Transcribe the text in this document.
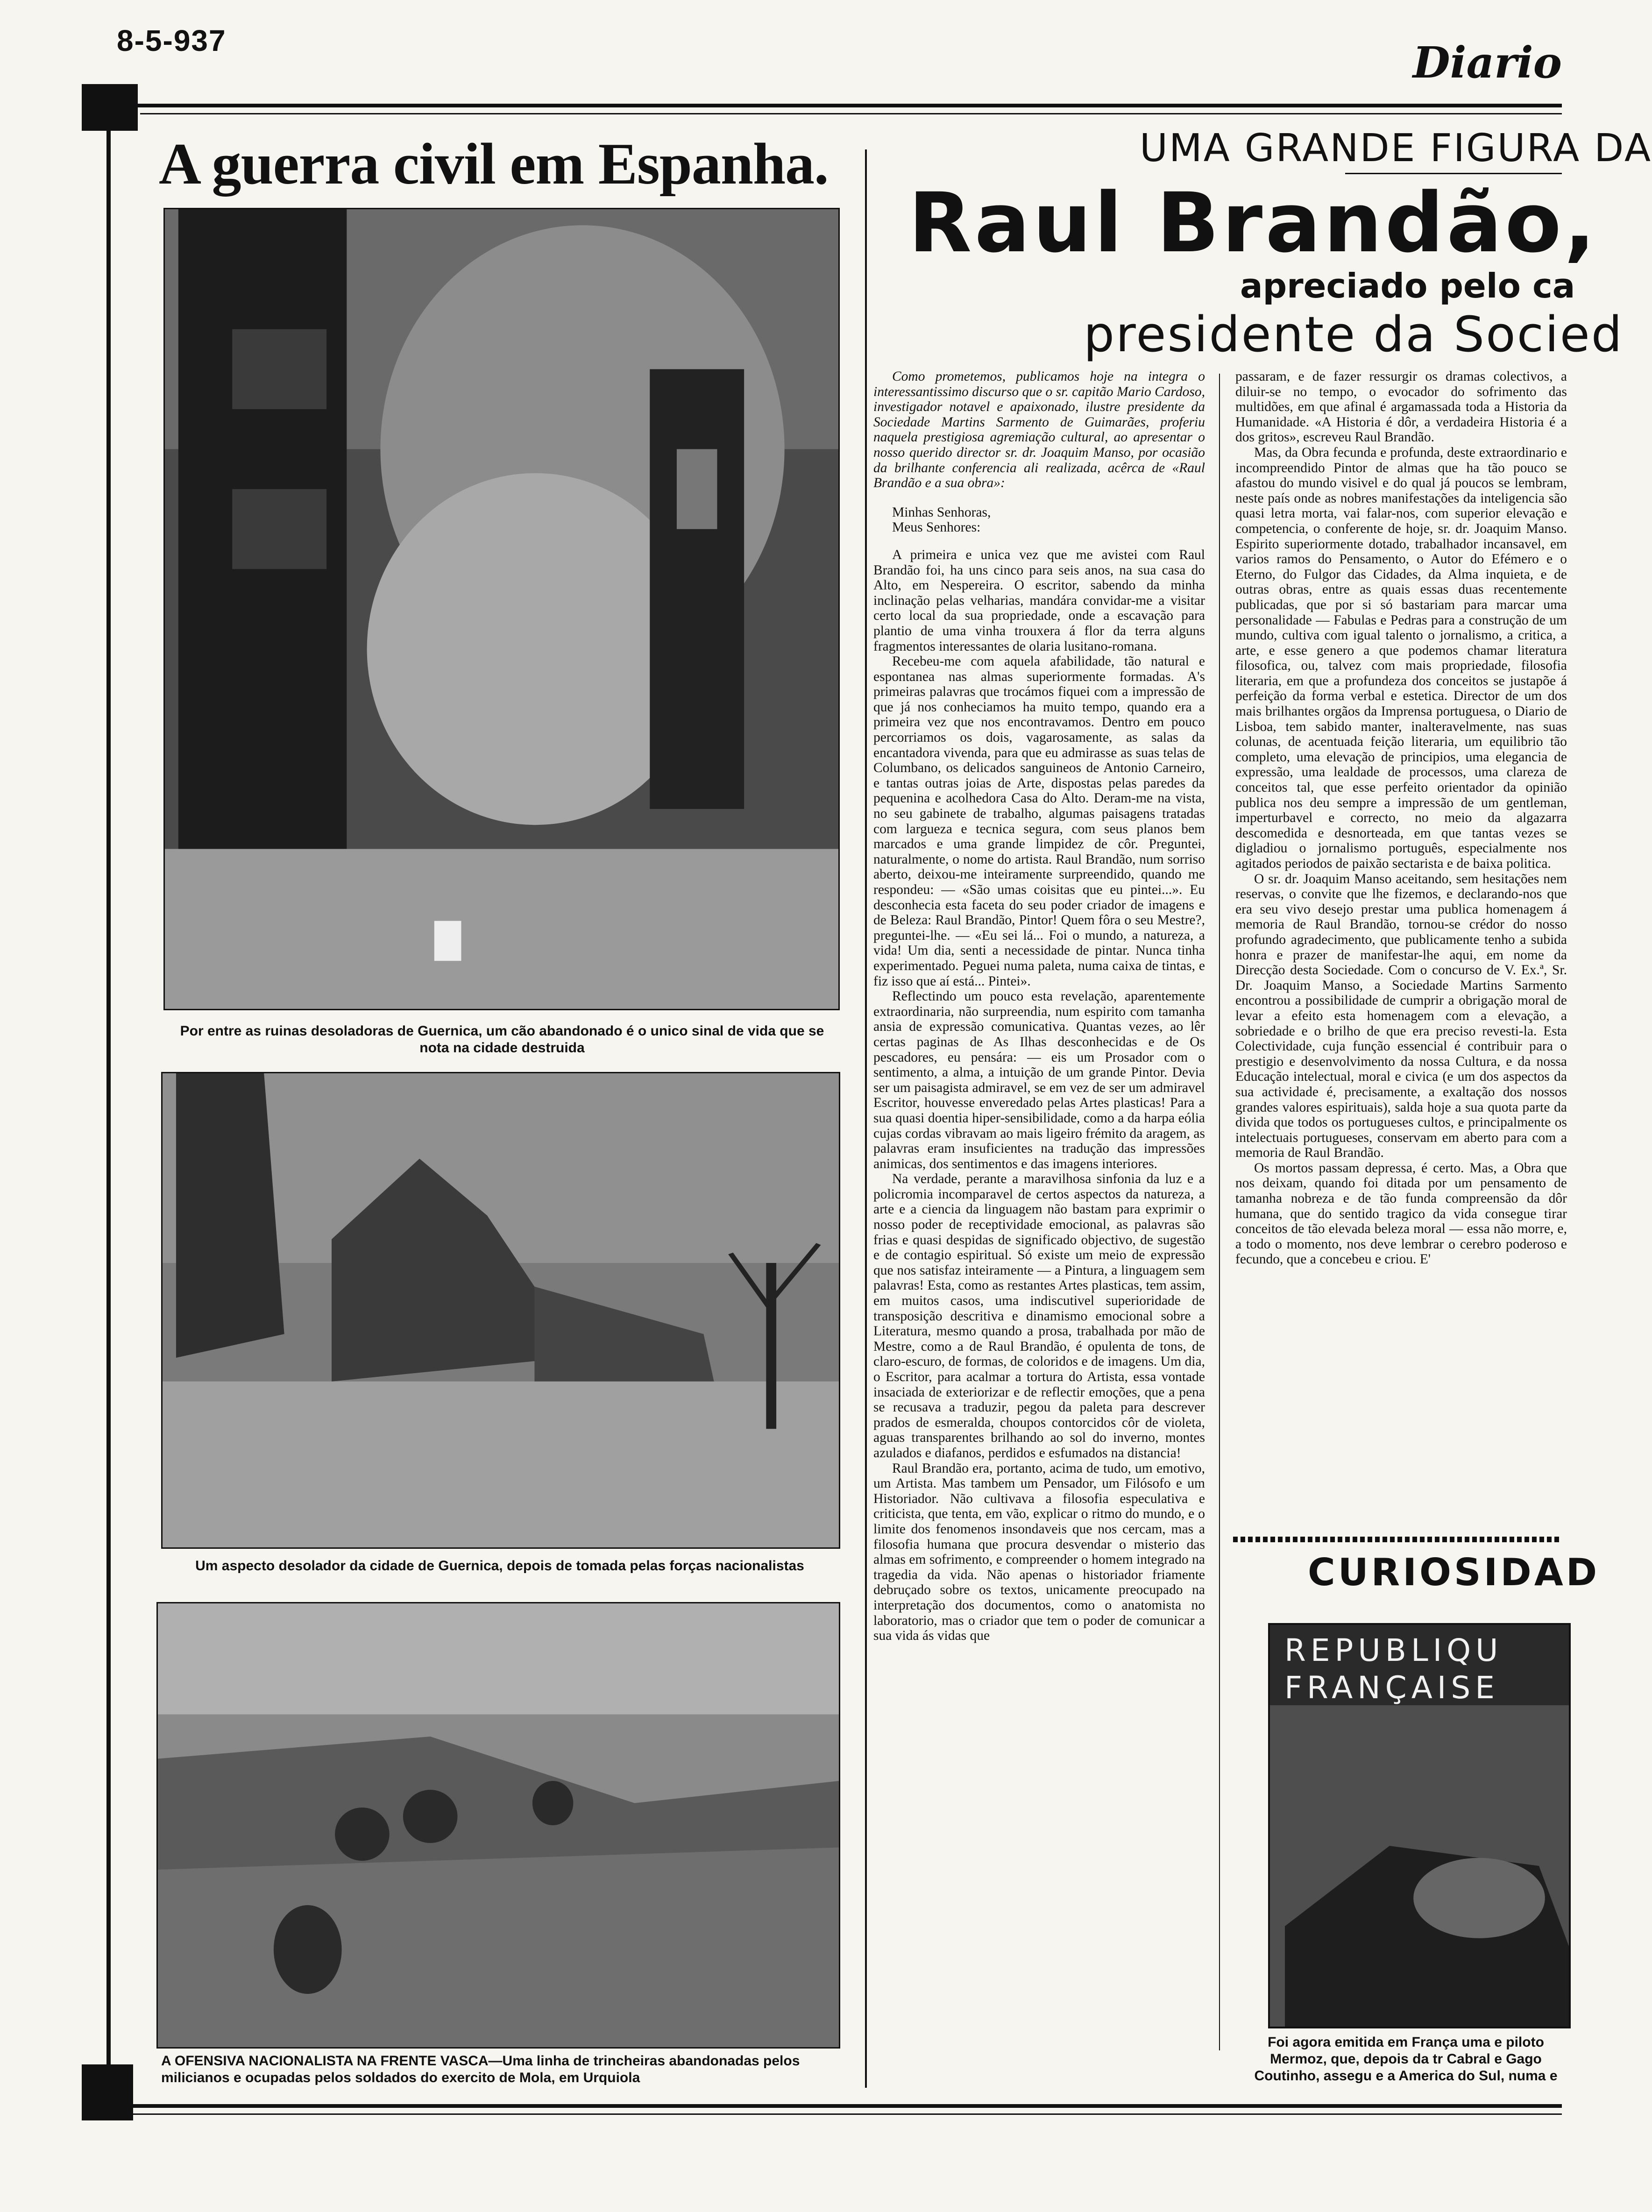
8-5-937	Diario
A guerra civil em Espanha.
Por entre as ruinas desoladoras de Guernica, um cão abandonado é o unico sinal de vida que se nota na cidade destruida
Um aspecto desolador da cidade de Guernica, depois de tomada pelas forças nacionalistas
A OFENSIVA NACIONALISTA NA FRENTE VASCA—Uma linha de trincheiras abandonadas pelos milicianos e ocupadas pelos soldados do exercito de Mola, em Urquiola
UMA GRANDE FIGURA DA
Raul Brandão,
apreciado pelo ca
presidente da Socied

Como prometemos, publicamos hoje na integra o interessantissimo discurso que o sr. capitão Mario Cardoso, investigador notavel e apaixonado, ilustre presidente da Sociedade Martins Sarmento de Guimarães, proferiu naquela prestigiosa agremiação cultural, ao apresentar o nosso querido director sr. dr. Joaquim Manso, por ocasião da brilhante conferencia ali realizada, acêrca de «Raul Brandão e a sua obra»:

Minhas Senhoras,

Meus Senhores:

A primeira e unica vez que me avistei com Raul Brandão foi, ha uns cinco para seis anos, na sua casa do Alto, em Nespereira. O escritor, sabendo da minha inclinação pelas velharias, mandára convidar-me a visitar certo local da sua propriedade, onde a escavação para plantio de uma vinha trouxera á flor da terra alguns fragmentos interessantes de olaria lusitano-romana.

Recebeu-me com aquela afabilidade, tão natural e espontanea nas almas superiormente formadas. A's primeiras palavras que trocámos fiquei com a impressão de que já nos conheciamos ha muito tempo, quando era a primeira vez que nos encontravamos. Dentro em pouco percorriamos os dois, vagarosamente, as salas da encantadora vivenda, para que eu admirasse as suas telas de Columbano, os delicados sanguineos de Antonio Carneiro, e tantas outras joias de Arte, dispostas pelas paredes da pequenina e acolhedora Casa do Alto. Deram-me na vista, no seu gabinete de trabalho, algumas paisagens tratadas com largueza e tecnica segura, com seus planos bem marcados e uma grande limpidez de côr. Preguntei, naturalmente, o nome do artista. Raul Brandão, num sorriso aberto, deixou-me inteiramente surpreendido, quando me respondeu: — «São umas coisitas que eu pintei...». Eu desconhecia esta faceta do seu poder criador de imagens e de Beleza: Raul Brandão, Pintor! Quem fôra o seu Mestre?, preguntei-lhe. — «Eu sei lá... Foi o mundo, a natureza, a vida! Um dia, senti a necessidade de pintar. Nunca tinha experimentado. Peguei numa paleta, numa caixa de tintas, e fiz isso que aí está... Pintei».

Reflectindo um pouco esta revelação, aparentemente extraordinaria, não surpreendia, num espirito com tamanha ansia de expressão comunicativa. Quantas vezes, ao lêr certas paginas de As Ilhas desconhecidas e de Os pescadores, eu pensára: — eis um Prosador com o sentimento, a alma, a intuição de um grande Pintor. Devia ser um paisagista admiravel, se em vez de ser um admiravel Escritor, houvesse enveredado pelas Artes plasticas! Para a sua quasi doentia hiper-sensibilidade, como a da harpa eólia cujas cordas vibravam ao mais ligeiro frémito da aragem, as palavras eram insuficientes na tradução das impressões animicas, dos sentimentos e das imagens interiores.

Na verdade, perante a maravilhosa sinfonia da luz e a policromia incomparavel de certos aspectos da natureza, a arte e a ciencia da linguagem não bastam para exprimir o nosso poder de receptividade emocional, as palavras são frias e quasi despidas de significado objectivo, de sugestão e de contagio espiritual. Só existe um meio de expressão que nos satisfaz inteiramente — a Pintura, a linguagem sem palavras! Esta, como as restantes Artes plasticas, tem assim, em muitos casos, uma indiscutivel superioridade de transposição descritiva e dinamismo emocional sobre a Literatura, mesmo quando a prosa, trabalhada por mão de Mestre, como a de Raul Brandão, é opulenta de tons, de claro-escuro, de formas, de coloridos e de imagens. Um dia, o Escritor, para acalmar a tortura do Artista, essa vontade insaciada de exteriorizar e de reflectir emoções, que a pena se recusava a traduzir, pegou da paleta para descrever prados de esmeralda, choupos contorcidos côr de violeta, aguas transparentes brilhando ao sol do inverno, montes azulados e diafanos, perdidos e esfumados na distancia!

Raul Brandão era, portanto, acima de tudo, um emotivo, um Artista. Mas tambem um Pensador, um Filósofo e um Historiador. Não cultivava a filosofia especulativa e criticista, que tenta, em vão, explicar o ritmo do mundo, e o limite dos fenomenos insondaveis que nos cercam, mas a filosofia humana que procura desvendar o misterio das almas em sofrimento, e compreender o homem integrado na tragedia da vida. Não apenas o historiador friamente debruçado sobre os textos, unicamente preocupado na interpretação dos documentos, como o anatomista no laboratorio, mas o criador que tem o poder de comunicar a sua vida ás vidas que

passaram, e de fazer ressurgir os dramas colectivos, a diluir-se no tempo, o evocador do sofrimento das multidões, em que afinal é argamassada toda a Historia da Humanidade. «A Historia é dôr, a verdadeira Historia é a dos gritos», escreveu Raul Brandão.

Mas, da Obra fecunda e profunda, deste extraordinario e incompreendido Pintor de almas que ha tão pouco se afastou do mundo visivel e do qual já poucos se lembram, neste país onde as nobres manifestações da inteligencia são quasi letra morta, vai falar-nos, com superior elevação e competencia, o conferente de hoje, sr. dr. Joaquim Manso. Espirito superiormente dotado, trabalhador incansavel, em varios ramos do Pensamento, o Autor do Efémero e o Eterno, do Fulgor das Cidades, da Alma inquieta, e de outras obras, entre as quais essas duas recentemente publicadas, que por si só bastariam para marcar uma personalidade — Fabulas e Pedras para a construção de um mundo, cultiva com igual talento o jornalismo, a critica, a arte, e esse genero a que podemos chamar literatura filosofica, ou, talvez com mais propriedade, filosofia literaria, em que a profundeza dos conceitos se justapõe á perfeição da forma verbal e estetica. Director de um dos mais brilhantes orgãos da Imprensa portuguesa, o Diario de Lisboa, tem sabido manter, inalteravelmente, nas suas colunas, de acentuada feição literaria, um equilibrio tão completo, uma elevação de principios, uma elegancia de expressão, uma lealdade de processos, uma clareza de conceitos tal, que esse perfeito orientador da opinião publica nos deu sempre a impressão de um gentleman, imperturbavel e correcto, no meio da algazarra descomedida e desnorteada, em que tantas vezes se digladiou o jornalismo português, especialmente nos agitados periodos de paixão sectarista e de baixa politica.

O sr. dr. Joaquim Manso aceitando, sem hesitações nem reservas, o convite que lhe fizemos, e declarando-nos que era seu vivo desejo prestar uma publica homenagem á memoria de Raul Brandão, tornou-se crédor do nosso profundo agradecimento, que publicamente tenho a subida honra e prazer de manifestar-lhe aqui, em nome da Direcção desta Sociedade. Com o concurso de V. Ex.ª, Sr. Dr. Joaquim Manso, a Sociedade Martins Sarmento encontrou a possibilidade de cumprir a obrigação moral de levar a efeito esta homenagem com a elevação, a sobriedade e o brilho de que era preciso revesti-la. Esta Colectividade, cuja função essencial é contribuir para o prestigio e desenvolvimento da nossa Cultura, e da nossa Educação intelectual, moral e civica (e um dos aspectos da sua actividade é, precisamente, a exaltação dos nossos grandes valores espirituais), salda hoje a sua quota parte da divida que todos os portugueses cultos, e principalmente os intelectuais portugueses, conservam em aberto para com a memoria de Raul Brandão.

Os mortos passam depressa, é certo. Mas, a Obra que nos deixam, quando foi ditada por um pensamento de tamanha nobreza e de tão funda compreensão da dôr humana, que do sentido tragico da vida consegue tirar conceitos de tão elevada beleza moral — essa não morre, e, a todo o momento, nos deve lembrar o cerebro poderoso e fecundo, que a concebeu e criou. E'

CURIOSIDAD
REPUBLIQU
FRANÇAISE
Foi agora emitida em França uma e piloto Mermoz, que, depois da tr Cabral e Gago Coutinho, assegu e a America do Sul, numa e
